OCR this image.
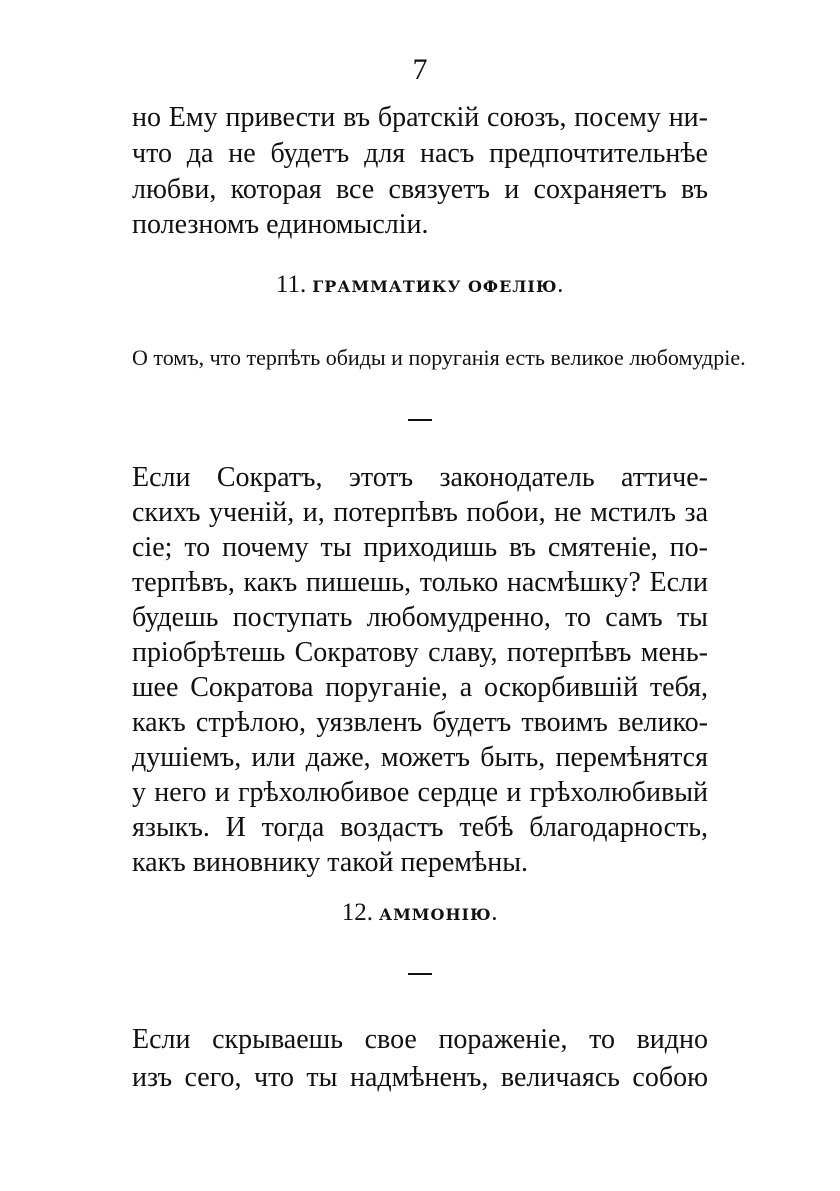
7
но Ему привести въ братскій союзъ, посему ни-
что да не будетъ для насъ предпочтительнѣе
любви, которая все связуетъ и сохраняетъ въ
полезномъ единомысліи.
11. ГРАММАТИКУ ОФЕЛІЮ.
О томъ, что терпѣть обиды и поруганія есть великое любомудріе.
Если Сократъ, этотъ законодатель аттиче-
скихъ ученій, и, потерпѣвъ побои, не мстилъ за
сіе; то почему ты приходишь въ смятеніе, по-
терпѣвъ, какъ пишешь, только насмѣшку? Если
будешь поступать любомудренно, то самъ ты
пріобрѣтешь Сократову славу, потерпѣвъ мень-
шее Сократова поруганіе, а оскорбившій тебя,
какъ стрѣлою, уязвленъ будетъ твоимъ велико-
душіемъ, или даже, можетъ быть, перемѣнятся
у него и грѣхолюбивое сердце и грѣхолюбивый
языкъ. И тогда воздастъ тебѣ благодарность,
какъ виновнику такой перемѣны.
12. АММОНІЮ.
Если скрываешь свое пораженіе, то видно
изъ сего, что ты надмѣненъ, величаясь собою
